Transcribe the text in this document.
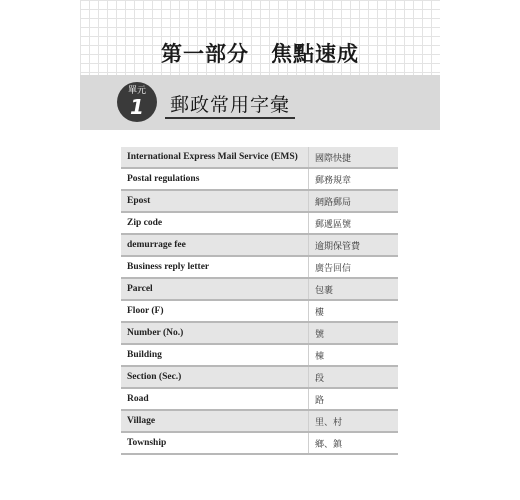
第一部分　焦點速成
單元
1	郵政常用字彙
International Express Mail Service (EMS)	國際快捷
Postal regulations	郵務規章
Epost	網路郵局
Zip code	郵遞區號
demurrage fee	逾期保管費
Business reply letter	廣告回信
Parcel	包裹
Floor (F)	樓
Number (No.)	號
Building	棟
Section (Sec.)	段
Road	路
Village	里、村
Township	鄉、鎮
